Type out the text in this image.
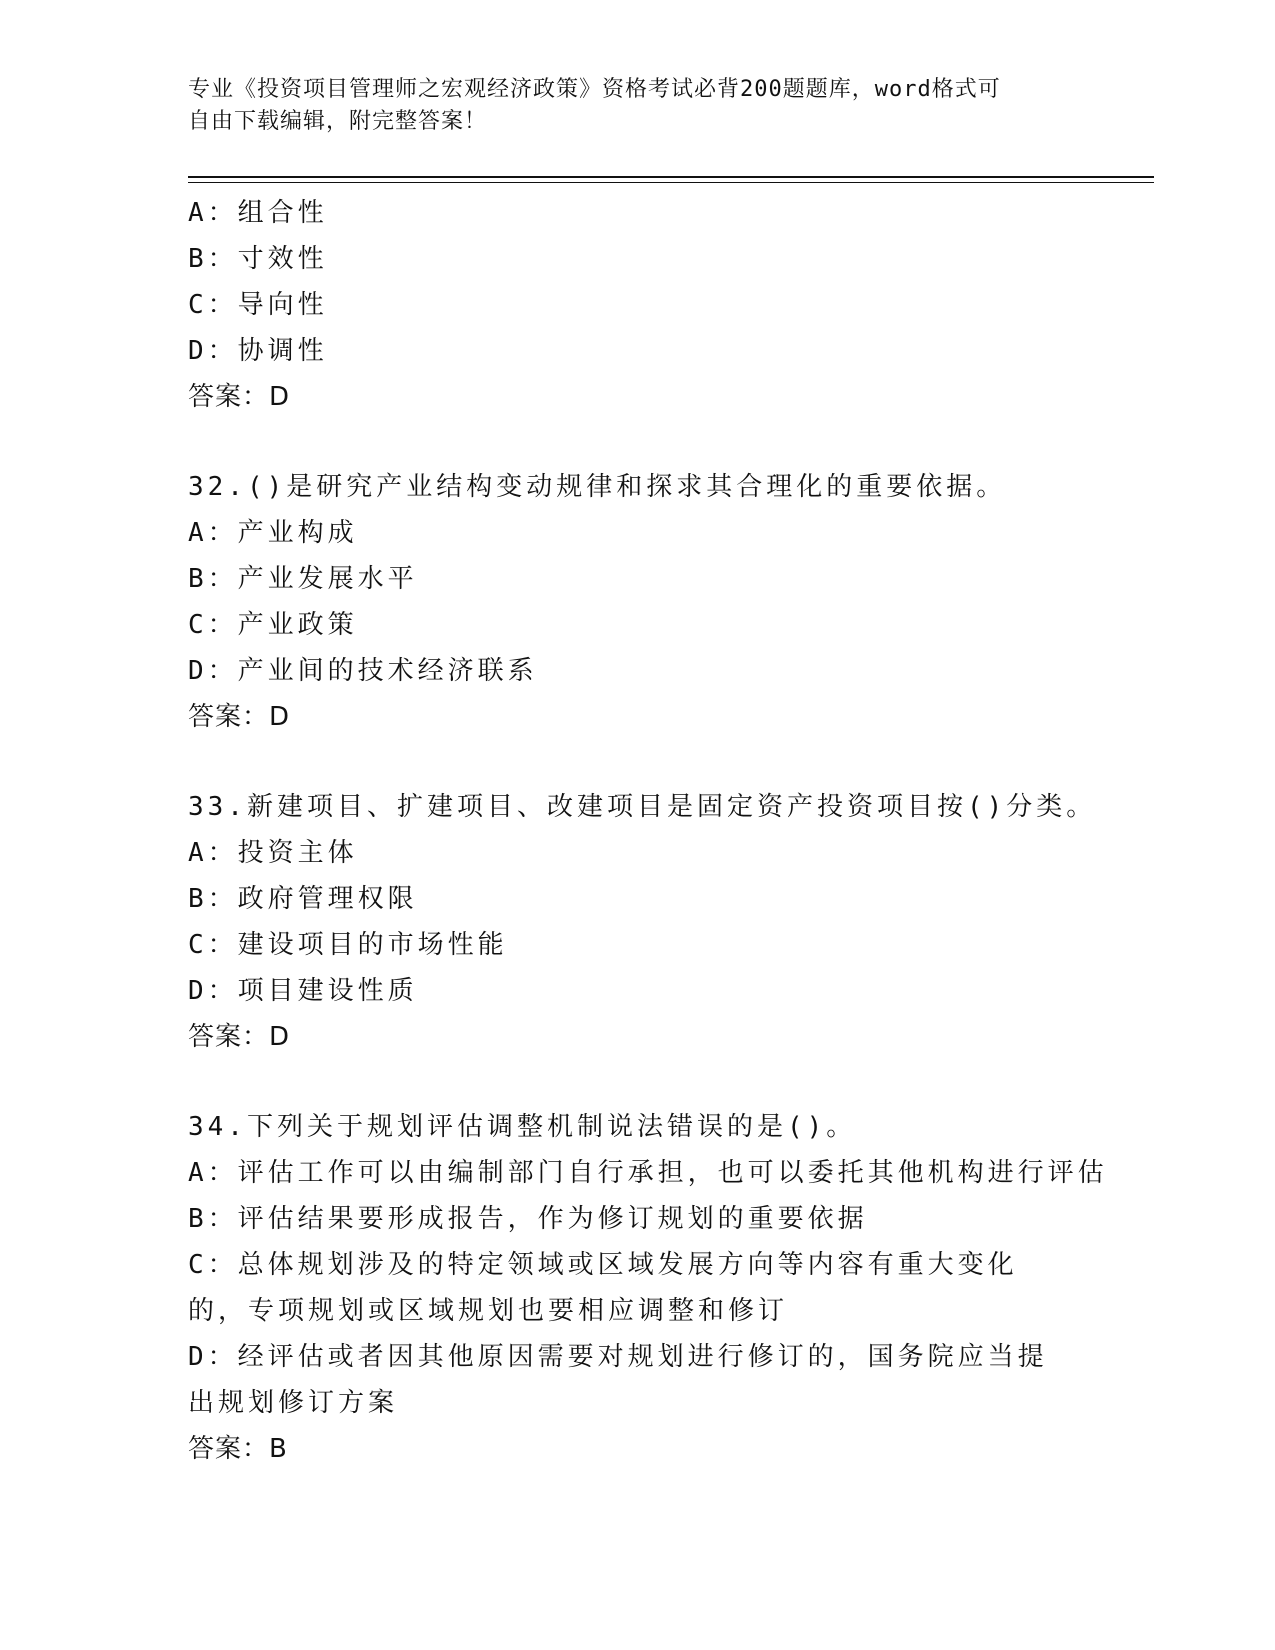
专业《投资项目管理师之宏观经济政策》资格考试必背200题题库，word格式可
自由下载编辑，附完整答案！
A：组合性
B：寸效性
C：导向性
D：协调性
答案：D
32.()是研究产业结构变动规律和探求其合理化的重要依据。
A：产业构成
B：产业发展水平
C：产业政策
D：产业间的技术经济联系
答案：D
33.新建项目、扩建项目、改建项目是固定资产投资项目按()分类。
A：投资主体
B：政府管理权限
C：建设项目的市场性能
D：项目建设性质
答案：D
34.下列关于规划评估调整机制说法错误的是()。
A：评估工作可以由编制部门自行承担，也可以委托其他机构进行评估
B：评估结果要形成报告，作为修订规划的重要依据
C：总体规划涉及的特定领域或区域发展方向等内容有重大变化的，专项规划或区域规划也要相应调整和修订
D：经评估或者因其他原因需要对规划进行修订的，国务院应当提出规划修订方案
答案：B
